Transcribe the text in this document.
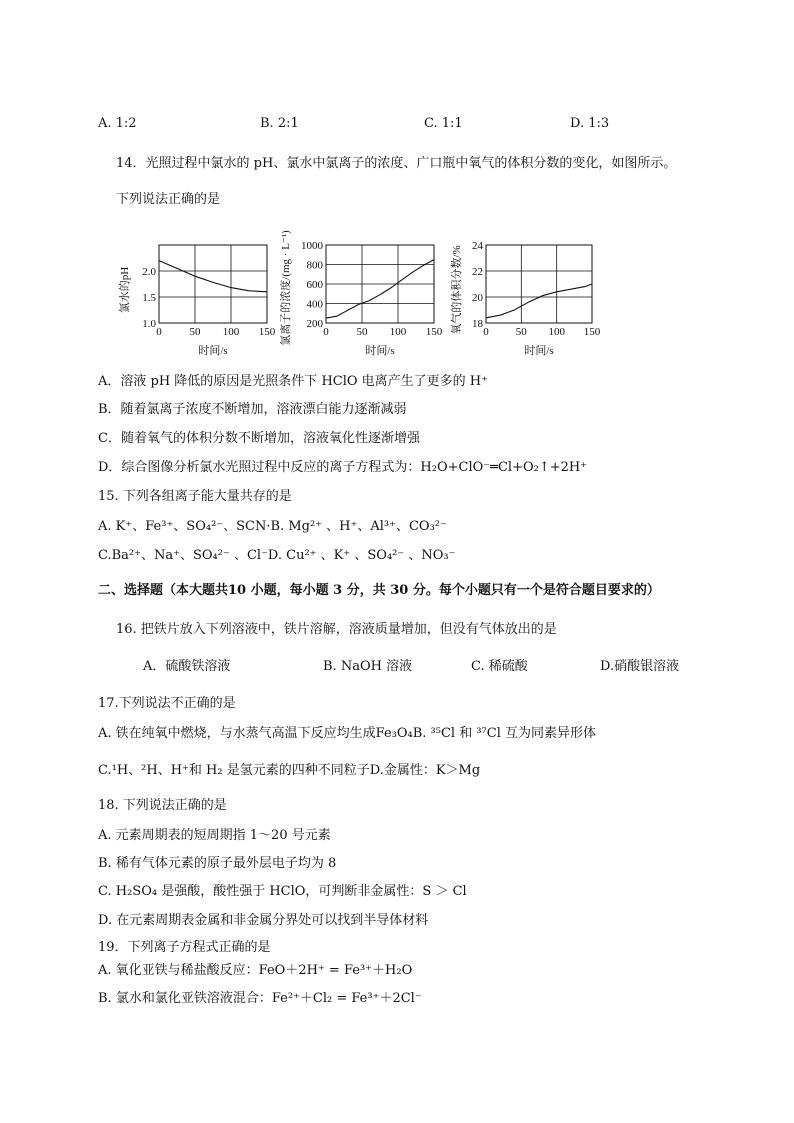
A. 1:2	B. 2:1	C. 1:1	D. 1:3
14．光照过程中氯水的 pH、氯水中氯离子的浓度、广口瓶中氧气的体积分数的变化，如图所示。
下列说法正确的是
0	50 100 150
1.0
1.5
2.0
时间/s
氯水的pH
0	50 100 150
200
400
600
800
1000
时间/s
氯离子的浓度/(mg · L⁻¹)	0 50 100 150
18
20
22
24
时间/s
氧气的体积分数/%
A．溶液 pH 降低的原因是光照条件下 HClO 电离产生了更多的 H⁺
B．随着氯离子浓度不断增加，溶液漂白能力逐渐减弱
C．随着氧气的体积分数不断增加，溶液氧化性逐渐增强
D．综合图像分析氯水光照过程中反应的离子方程式为：H₂O+ClO⁻═Cl+O₂↑+2H⁺
15. 下列各组离子能大量共存的是
A. K⁺、Fe³⁺、SO₄²⁻、SCN·B. Mg²⁺ 、H⁺、Al³⁺、CO₃²⁻
C.Ba²⁺、Na⁺、SO₄²⁻ 、Cl⁻D. Cu²⁺ 、K⁺ 、SO₄²⁻ 、NO₃⁻
二、选择题（本大题共10 小题，每小题 3 分，共 30 分。每个小题只有一个是符合题目要求的）
16. 把铁片放入下列溶液中，铁片溶解，溶液质量增加，但没有气体放出的是
A．硫酸铁溶液	B. NaOH 溶液	C. 稀硫酸	D.硝酸银溶液
17.下列说法不正确的是
A. 铁在纯氧中燃烧，与水蒸气高温下反应均生成Fe₃O₄B. ³⁵Cl 和 ³⁷Cl 互为同素异形体
C.¹H、²H、H⁺和 H₂ 是氢元素的四种不同粒子D.金属性：K＞Mg
18. 下列说法正确的是
A. 元素周期表的短周期指 1～20 号元素
B. 稀有气体元素的原子最外层电子均为 8
C. H₂SO₄ 是强酸，酸性强于 HClO，可判断非金属性：S ＞ Cl
D. 在元素周期表金属和非金属分界处可以找到半导体材料
19．下列离子方程式正确的是
A. 氧化亚铁与稀盐酸反应：FeO＋2H⁺ = Fe³⁺＋H₂O
B. 氯水和氯化亚铁溶液混合：Fe²⁺＋Cl₂ = Fe³⁺＋2Cl⁻
